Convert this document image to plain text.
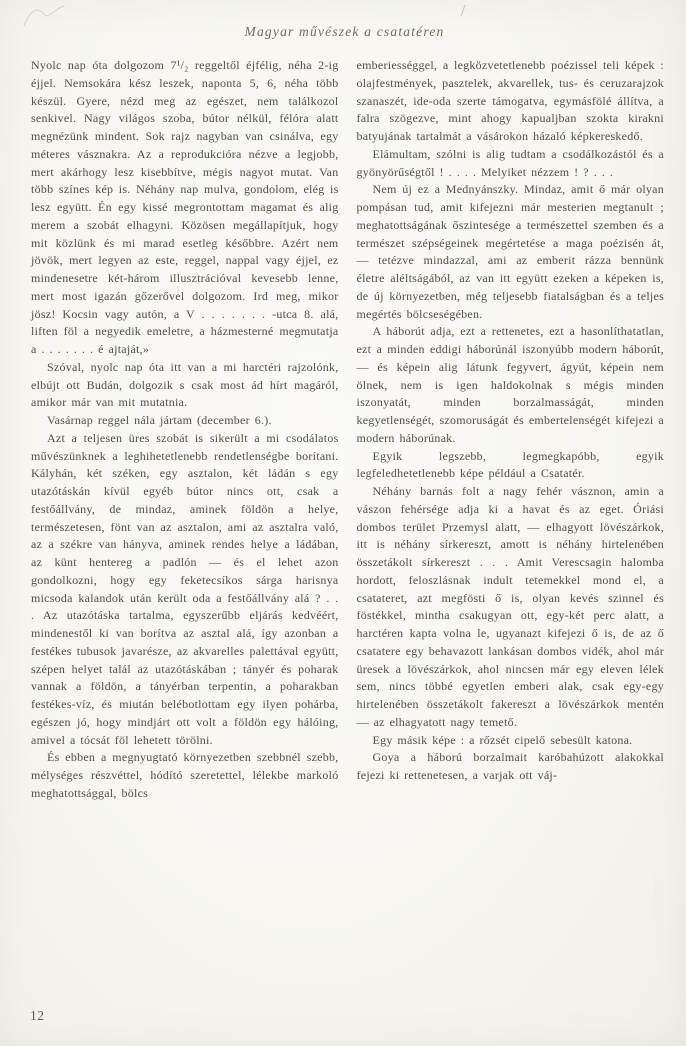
Magyar művészek a csatatéren

Nyolc nap óta dolgozom 7¹/₂ reggeltől éjfélig, néha 2-ig éjjel. Nemsokára kész leszek, naponta 5, 6, néha több készül. Gyere, nézd meg az egészet, nem találkozol senkivel. Nagy világos szoba, bútor nélkül, félóra alatt megnézünk mindent. Sok rajz nagyban van csinálva, egy méteres vásznakra. Az a reprodukcióra nézve a legjobb, mert akárhogy lesz kisebbítve, mégis nagyot mutat. Van több színes kép is. Néhány nap mulva, gondolom, elég is lesz együtt. Én egy kissé megrontottam magamat és alig merem a szobát elhagyni. Közösen megállapítjuk, hogy mit közlünk és mi marad esetleg későbbre. Azért nem jövök, mert legyen az este, reggel, nappal vagy éjjel, ez mindenesetre két-három illusztrációval kevesebb lenne, mert most igazán gőzerővel dolgozom. Ird meg, mikor jösz! Kocsin vagy autón, a V . . . . . . . -utca 8. alá, liften föl a negyedik emeletre, a házmesterné megmutatja a . . . . . . . é ajtaját,»

Szóval, nyolc nap óta itt van a mi harctéri rajzolónk, elbújt ott Budán, dolgozik s csak most ád hírt magáról, amikor már van mit mutatnia.

Vasárnap reggel nála jártam (december 6.).

Azt a teljesen üres szobát is sikerült a mi csodálatos művészünknek a leghihetetlenebb rendetlenségbe borítani. Kályhán, két széken, egy asztalon, két ládán s egy utazótáskán kívül egyéb bútor nincs ott, csak a festőállvány, de mindaz, aminek földön a helye, természetesen, fönt van az asztalon, ami az asztalra való, az a székre van hányva, aminek rendes helye a ládában, az künt hentereg a padlón — és el lehet azon gondolkozni, hogy egy feketecsíkos sárga harisnya micsoda kalandok után került oda a festőállvány alá ? . . . Az utazótáska tartalma, egyszerűbb eljárás kedvéért, mindenestől ki van borítva az asztal alá, így azonban a festékes tubusok javarésze, az akvarelles palettával együtt, szépen helyet talál az utazótáskában ; tányér és poharak vannak a földön, a tányérban terpentin, a poharakban festékes-víz, és miután belébotlottam egy ilyen pohárba, egészen jó, hogy mindjárt ott volt a földön egy hálóing, amivel a tócsát föl lehetett törölni.

És ebben a megnyugtató környezetben szebbnél szebb, mélységes részvéttel, hódító szeretettel, lélekbe markoló meghatottsággal, bölcs

emberiességgel, a legközvetetlenebb poézissel teli képek : olajfestmények, pasztelek, akvarellek, tus- és ceruzarajzok szanaszét, ide-oda szerte támogatva, egymásfölé állítva, a falra szögezve, mint ahogy kapualjban szokta kirakni batyujának tartalmát a vásárokon házaló képkereskedő.

Elámultam, szólni is alig tudtam a csodálkozástól és a gyönyörűségtől ! . . . . Melyiket nézzem ! ? . . .

Nem új ez a Mednyánszky. Mindaz, amit ő már olyan pompásan tud, amit kifejezni már mesterien megtanult ; meghatottságának őszintesége a természettel szemben és a természet szépségeinek megértetése a maga poézisén át, — tetézve mindazzal, ami az emberit rázza bennünk életre aléltságából, az van itt együtt ezeken a képeken is, de új környezetben, még teljesebb fiatalságban és a teljes megértés bölcseségében.

A háborút adja, ezt a rettenetes, ezt a hasonlíthatatlan, ezt a minden eddigi háborúnál iszonyúbb modern háborút, — és képein alig látunk fegyvert, ágyút, képein nem ölnek, nem is igen haldokolnak s mégis minden iszonyatát, minden borzalmasságát, minden kegyetlenségét, szomoruságát és embertelenségét kifejezi a modern háborúnak.

Egyik legszebb, legmegkapóbb, egyik legfeledhetetlenebb képe például a Csatatér.

Néhány barnás folt a nagy fehér vásznon, amin a vászon fehérsége adja ki a havat és az eget. Óriási dombos terület Przemysl alatt, — elhagyott lövészárkok, itt is néhány sírkereszt, amott is néhány hirtelenében összetákolt sírkereszt . . . Amit Verescsagin halomba hordott, feloszlásnak indult tetemekkel mond el, a csatateret, azt megfösti ő is, olyan kevés szinnel és föstékkel, mintha csakugyan ott, egy-két perc alatt, a harctéren kapta volna le, ugyanazt kifejezi ő is, de az ő csatatere egy behavazott lankásan dombos vidék, ahol már üresek a lövészárkok, ahol nincsen már egy eleven lélek sem, nincs többé egyetlen emberi alak, csak egy-egy hirtelenében összetákolt fakereszt a lövészárkok mentén — az elhagyatott nagy temető.

Egy másik képe : a rőzsét cipelő sebesült katona.

Goya a háború borzalmait karóbahúzott alakokkal fejezi ki rettenetesen, a varjak ott váj-

12
